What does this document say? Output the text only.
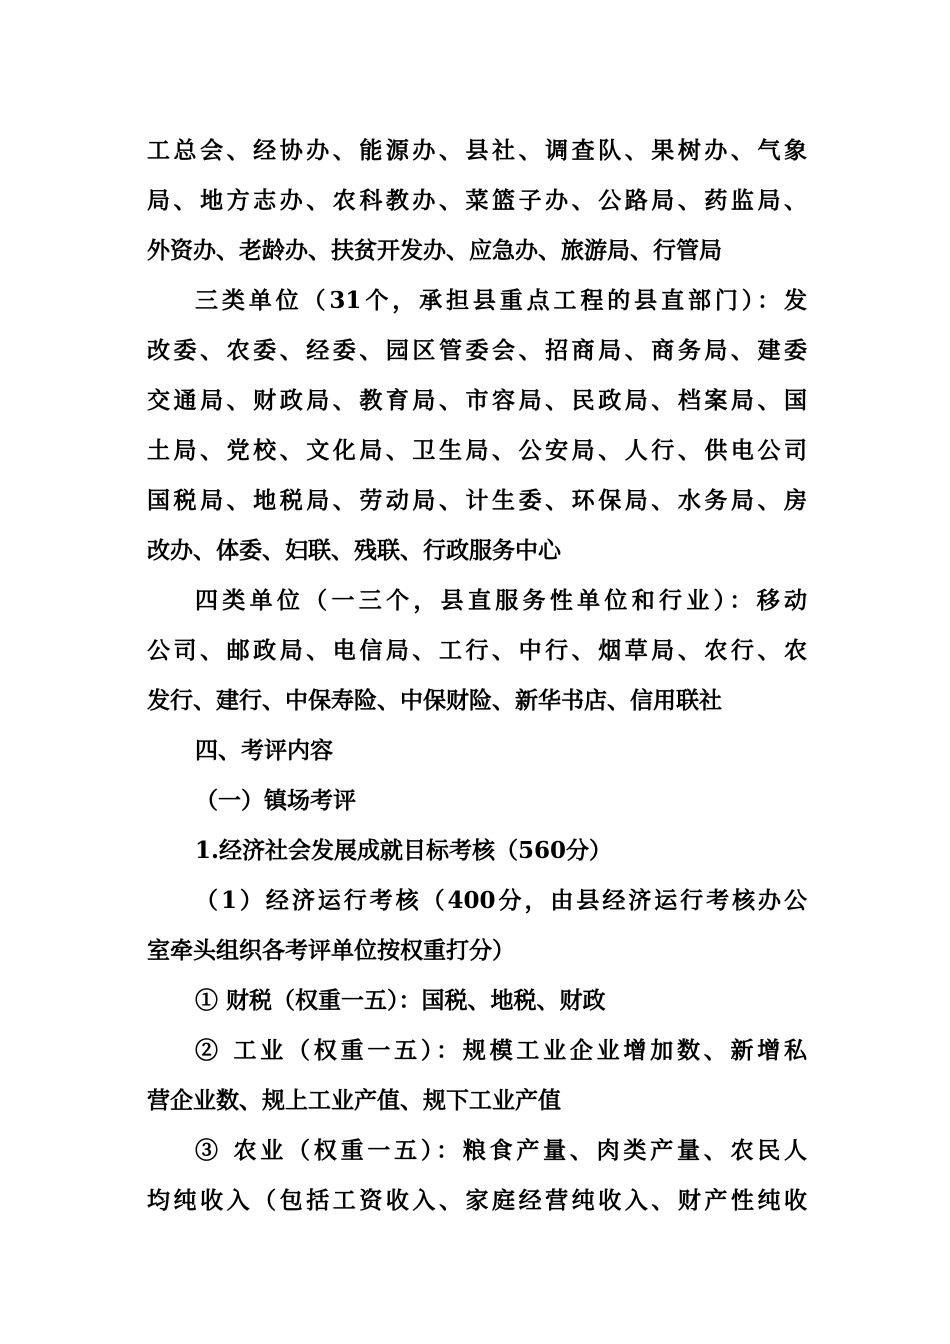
工总会、经协办、能源办、县社、调查队、果树办、气象
局、地方志办、农科教办、菜篮子办、公路局、药监局、
外资办、老龄办、扶贫开发办、应急办、旅游局、行管局
三类单位（31个，承担县重点工程的县直部门）：发
改委、农委、经委、园区管委会、招商局、商务局、建委
交通局、财政局、教育局、市容局、民政局、档案局、国
土局、党校、文化局、卫生局、公安局、人行、供电公司
国税局、地税局、劳动局、计生委、环保局、水务局、房
改办、体委、妇联、残联、行政服务中心
四类单位（一三个，县直服务性单位和行业）：移动
公司、邮政局、电信局、工行、中行、烟草局、农行、农
发行、建行、中保寿险、中保财险、新华书店、信用联社
四、考评内容
（一）镇场考评
1.经济社会发展成就目标考核（560分）
（1）经济运行考核（400分，由县经济运行考核办公
室牵头组织各考评单位按权重打分）
① 财税（权重一五）：国税、地税、财政
② 工业（权重一五）：规模工业企业增加数、新增私
营企业数、规上工业产值、规下工业产值
③ 农业（权重一五）：粮食产量、肉类产量、农民人
均纯收入（包括工资收入、家庭经营纯收入、财产性纯收
